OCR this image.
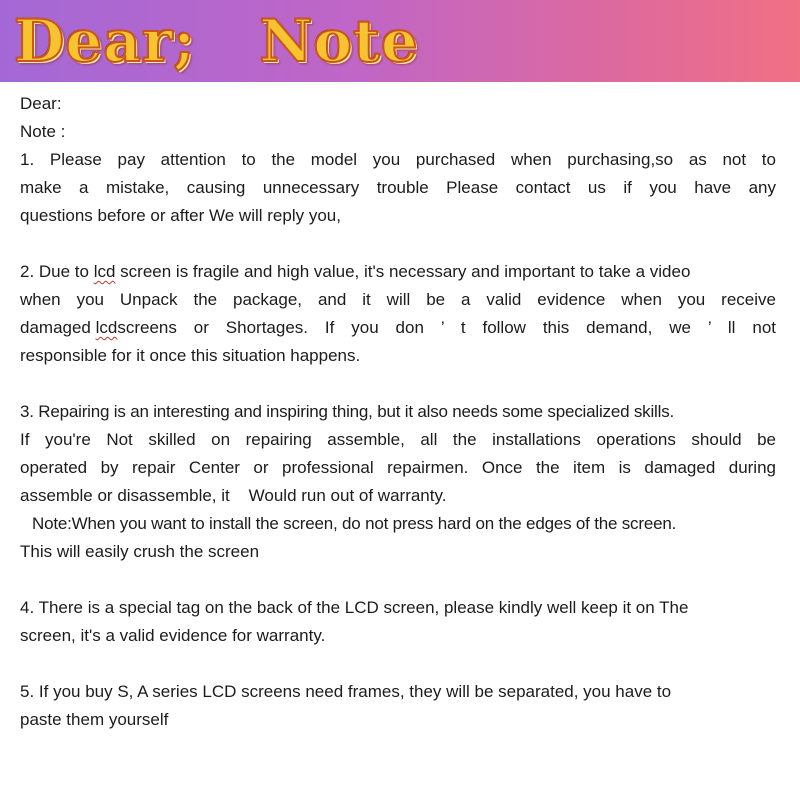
Dear;   Note
Dear:
Note :
1. Please pay attention to the model you purchased when purchasing,so as not to
make a mistake, causing unnecessary trouble Please contact us if you have any
questions before or after We will reply you,
2. Due to lcd screen is fragile and high value, it's necessary and important to take a video
when you Unpack the package, and it will be a valid evidence when you receive
damaged lcd screens or Shortages. If you don ’ t follow this demand, we ’ ll not
responsible for it once this situation happens.
3. Repairing is an interesting and inspiring thing, but it also needs some specialized skills.
If you're Not skilled on repairing assemble, all the installations operations should be
operated by repair Center or professional repairmen. Once the item is damaged during
assemble or disassemble, it    Would run out of warranty.
Note:When you want to install the screen, do not press hard on the edges of the screen.
This will easily crush the screen
4. There is a special tag on the back of the LCD screen, please kindly well keep it on The
screen, it's a valid evidence for warranty.
5. If you buy S, A series LCD screens need frames, they will be separated, you have to
paste them yourself
